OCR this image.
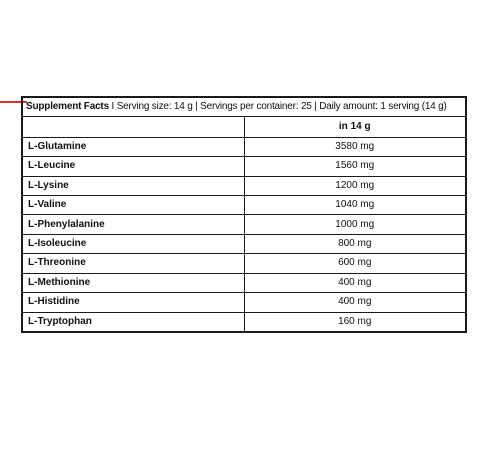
Supplement Facts I Serving size: 14 g | Servings per container: 25 | Daily amount: 1 serving (14 g)	
	in 14 g
L-Glutamine	3580 mg
L-Leucine	1560 mg
L-Lysine	1200 mg
L-Valine	1040 mg
L-Phenylalanine	1000 mg
L-Isoleucine	800 mg
L-Threonine	600 mg
L-Methionine	400 mg
L-Histidine	400 mg
L-Tryptophan	160 mg
